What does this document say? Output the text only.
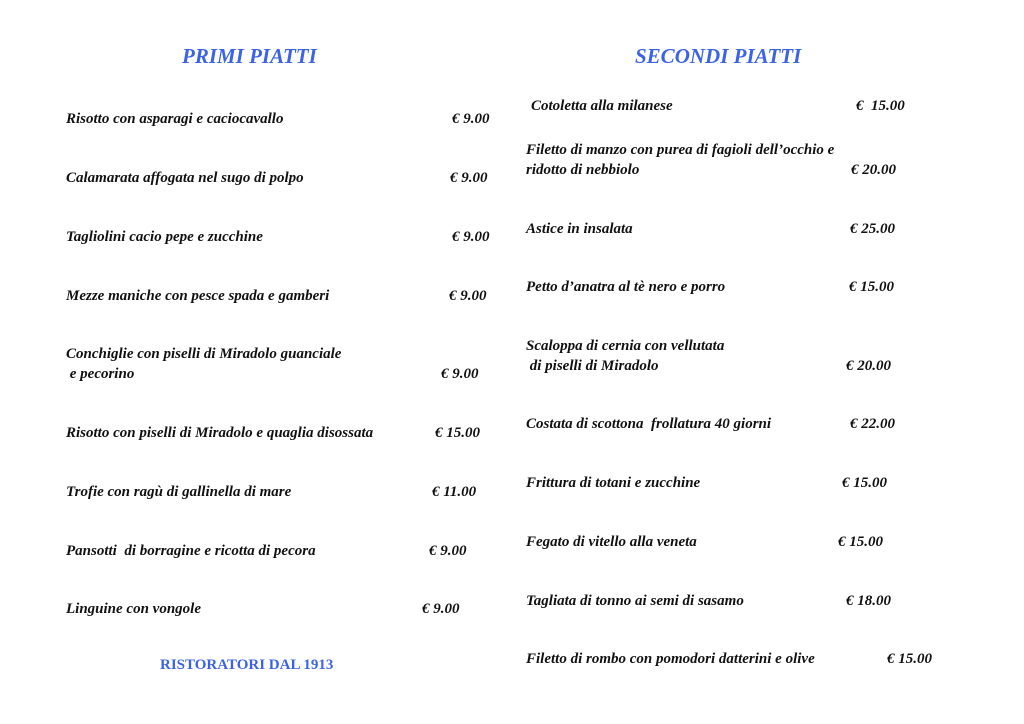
PRIMI PIATTI	SECONDI PIATTI
Risotto con asparagi e caciocavallo	€ 9.00
Calamarata affogata nel sugo di polpo	€ 9.00
Tagliolini cacio pepe e zucchine	€ 9.00
Mezze maniche con pesce spada e gamberi	€ 9.00
Conchiglie con piselli di Miradolo guanciale
e pecorino	€ 9.00
Risotto con piselli di Miradolo e quaglia disossata	€ 15.00
Trofie con ragù di gallinella di mare	€ 11.00
Pansotti  di borragine e ricotta di pecora	€ 9.00
Linguine con vongole	€ 9.00
Cotoletta alla milanese	€  15.00
Filetto di manzo con purea di fagioli dell’occhio e
ridotto di nebbiolo	€ 20.00
Astice in insalata	€ 25.00
Petto d’anatra al tè nero e porro	€ 15.00
Scaloppa di cernia con vellutata
di piselli di Miradolo	€ 20.00
Costata di scottona  frollatura 40 giorni	€ 22.00
Frittura di totani e zucchine	€ 15.00
Fegato di vitello alla veneta	€ 15.00
Tagliata di tonno ai semi di sasamo	€ 18.00
Filetto di rombo con pomodori datterini e olive	€ 15.00
RISTORATORI DAL 1913
